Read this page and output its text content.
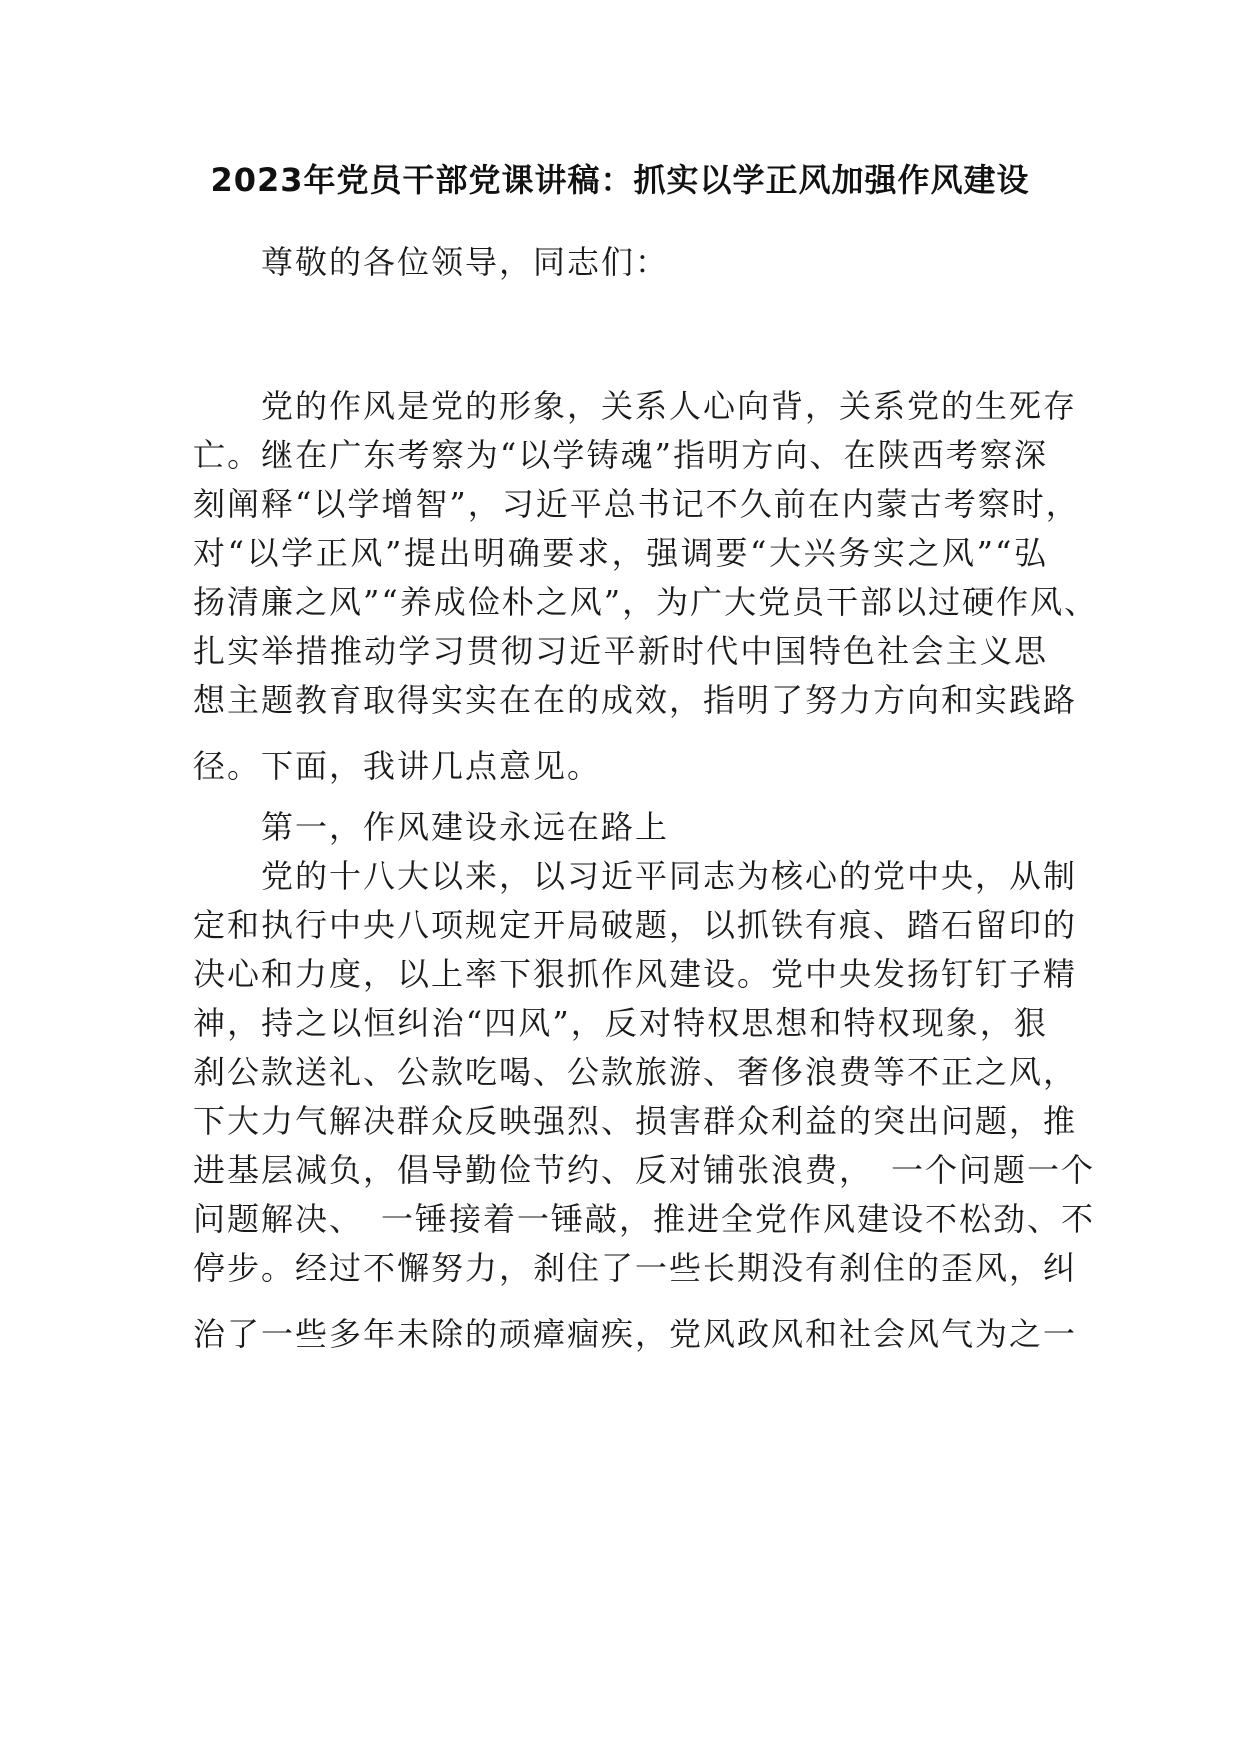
2023年党员干部党课讲稿：抓实以学正风加强作风建设
尊敬的各位领导，同志们：
党的作风是党的形象，关系人心向背，关系党的生死存
亡。继在广东考察为“以学铸魂”指明方向、在陕西考察深
刻阐释“以学增智”，习近平总书记不久前在内蒙古考察时，
对“以学正风”提出明确要求，强调要“大兴务实之风”“弘
扬清廉之风”“养成俭朴之风”，为广大党员干部以过硬作风、
扎实举措推动学习贯彻习近平新时代中国特色社会主义思
想主题教育取得实实在在的成效，指明了努力方向和实践路
径。下面，我讲几点意见。
第一，作风建设永远在路上
党的十八大以来，以习近平同志为核心的党中央，从制
定和执行中央八项规定开局破题，以抓铁有痕、踏石留印的
决心和力度，以上率下狠抓作风建设。党中央发扬钉钉子精
神，持之以恒纠治“四风”，反对特权思想和特权现象，狠
刹公款送礼、公款吃喝、公款旅游、奢侈浪费等不正之风，
下大力气解决群众反映强烈、损害群众利益的突出问题，推
进基层减负，倡导勤俭节约、反对铺张浪费，　一个问题一个
问题解决、　一锤接着一锤敲，推进全党作风建设不松劲、不
停步。经过不懈努力，刹住了一些长期没有刹住的歪风，纠
治了一些多年未除的顽瘴痼疾，党风政风和社会风气为之一
